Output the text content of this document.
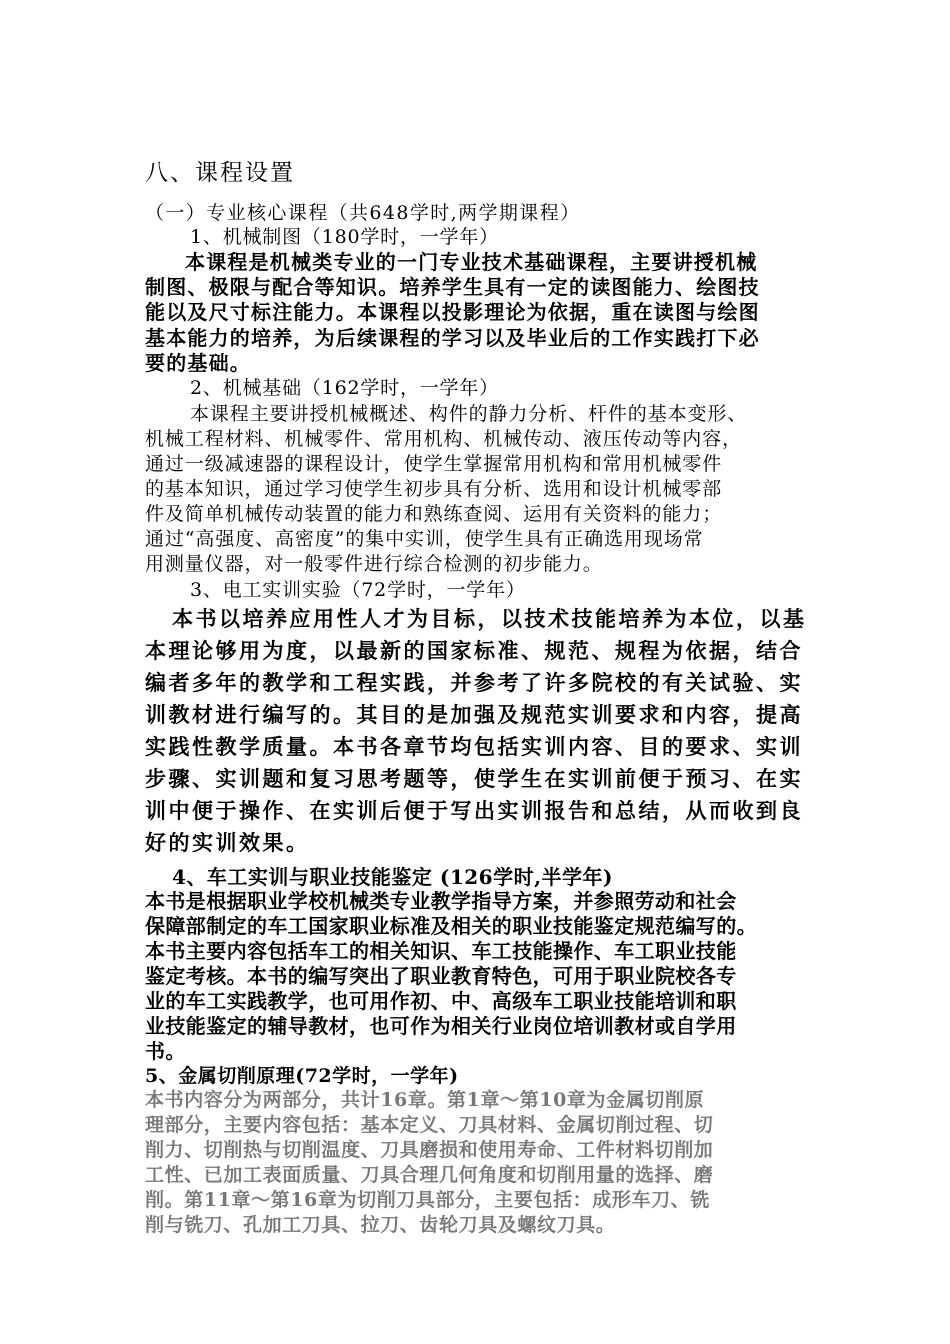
八、课程设置
（一）专业核心课程（共648学时,两学期课程）
1、机械制图（180学时，一学年）
本课程是机械类专业的一门专业技术基础课程，主要讲授机械
制图、极限与配合等知识。培养学生具有一定的读图能力、绘图技
能以及尺寸标注能力。本课程以投影理论为依据，重在读图与绘图
基本能力的培养，为后续课程的学习以及毕业后的工作实践打下必
要的基础。
2、机械基础（162学时，一学年）
本课程主要讲授机械概述、构件的静力分析、杆件的基本变形、
机械工程材料、机械零件、常用机构、机械传动、液压传动等内容，
通过一级减速器的课程设计，使学生掌握常用机构和常用机械零件
的基本知识，通过学习使学生初步具有分析、选用和设计机械零部
件及简单机械传动装置的能力和熟练查阅、运用有关资料的能力；
通过“高强度、高密度”的集中实训，使学生具有正确选用现场常
用测量仪器，对一般零件进行综合检测的初步能力。
3、电工实训实验（72学时，一学年）
本书以培养应用性人才为目标，以技术技能培养为本位，以基
本理论够用为度，以最新的国家标准、规范、规程为依据，结合
编者多年的教学和工程实践，并参考了许多院校的有关试验、实
训教材进行编写的。其目的是加强及规范实训要求和内容，提高
实践性教学质量。本书各章节均包括实训内容、目的要求、实训
步骤、实训题和复习思考题等，使学生在实训前便于预习、在实
训中便于操作、在实训后便于写出实训报告和总结，从而收到良
好的实训效果。
4、车工实训与职业技能鉴定 (126学时,半学年)
本书是根据职业学校机械类专业教学指导方案，并参照劳动和社会
保障部制定的车工国家职业标准及相关的职业技能鉴定规范编写的。
本书主要内容包括车工的相关知识、车工技能操作、车工职业技能
鉴定考核。本书的编写突出了职业教育特色，可用于职业院校各专
业的车工实践教学，也可用作初、中、高级车工职业技能培训和职
业技能鉴定的辅导教材，也可作为相关行业岗位培训教材或自学用
书。
5、金属切削原理(72学时，一学年)
本书内容分为两部分，共计16章。第1章～第10章为金属切削原
理部分，主要内容包括：基本定义、刀具材料、金属切削过程、切
削力、切削热与切削温度、刀具磨损和使用寿命、工件材料切削加
工性、已加工表面质量、刀具合理几何角度和切削用量的选择、磨
削。第11章～第16章为切削刀具部分，主要包括：成形车刀、铣
削与铣刀、孔加工刀具、拉刀、齿轮刀具及螺纹刀具。
